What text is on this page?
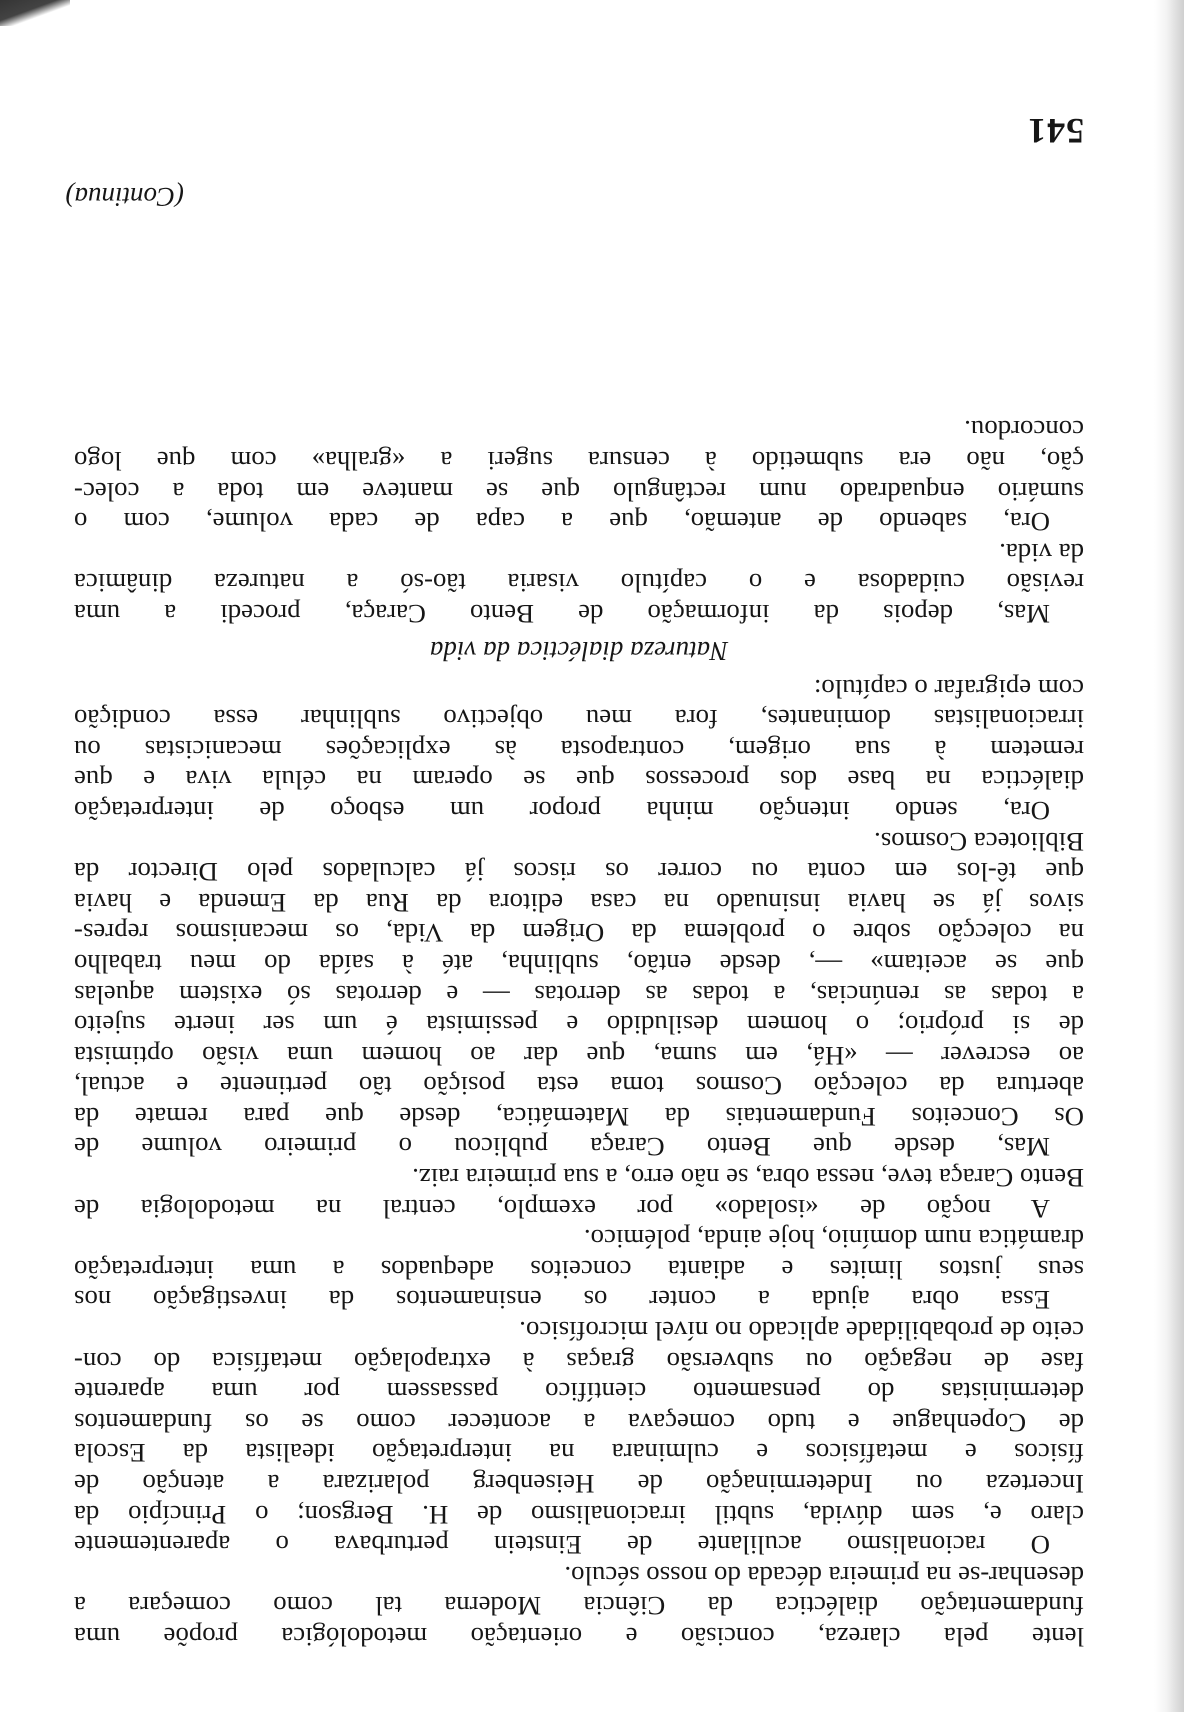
lente pela clareza, concisão e orientação metodológica propõe uma

fundamentação dialéctica da Ciência Moderna tal como começara a

desenhar-se na primeira década do nosso século.

O racionalismo aculilante de Einstein perturbava o aparentemente

claro e, sem dúvida, subtil irracionalismo de H. Bergson; o Princípio da

Incerteza ou Indeterminação de Heisenberg polarizara a atenção de

físicos e metafísicos e culminara na interpretação idealista da Escola

de Copenhague e tudo começava a acontecer como se os fundamentos

deterministas do pensamento científico passassem por uma aparente

fase de negação ou subversão graças à extrapolação metafísica do con-

ceito de probabilidade aplicado no nível microfísico.

Essa obra ajuda a conter os ensinamentos da investigação nos

seus justos limites e adianta conceitos adequados a uma interpretação

dramática num domínio, hoje ainda, polémico.

A noção de «isolado» por exemplo, central na metodologia de

Bento Caraça teve, nessa obra, se não erro, a sua primeira raiz.

Mas, desde que Bento Caraça publicou o primeiro volume de

Os Conceitos Fundamentais da Matemática, desde que para remate da

abertura da colecção Cosmos toma esta posição tão pertinente e actual,

ao escrever — «Há, em suma, que dar ao homem uma visão optimista

de si próprio; o homem desiludido e pessimista é um ser inerte sujeito

a todas as renúncias, a todas as derrotas — e derrotas só existem aquelas

que se aceitam» —, desde então, sublinha, até à saída do meu trabalho

na colecção sobre o problema da Origem da Vida, os mecanismos repres-

sivos já se havia insinuado na casa editora da Rua da Emenda e havia

que tê-los em conta ou correr os riscos já calculados pelo Director da

Biblioteca Cosmos.

Ora, sendo intenção minha propor um esboço de interpretação

dialéctica na base dos processos que se operam na célula viva e que

remetem à sua origem, contraposta às explicações mecanicistas ou

irracionalistas dominantes, fora meu objectivo sublinhar essa condição

com epigrafar o capítulo:

Natureza dialéctica da vida

Mas, depois da informação de Bento Caraça, procedi a uma

revisão cuidadosa e o capítulo visaria tão-só a natureza dinâmica

da vida.

Ora, sabendo de antemão, que a capa de cada volume, com o

sumário enquadrado num rectângulo que se manteve em toda a colec-

ção, não era submetido à censura sugeri a «gralha» com que logo

concordou.

(Continua)

541
